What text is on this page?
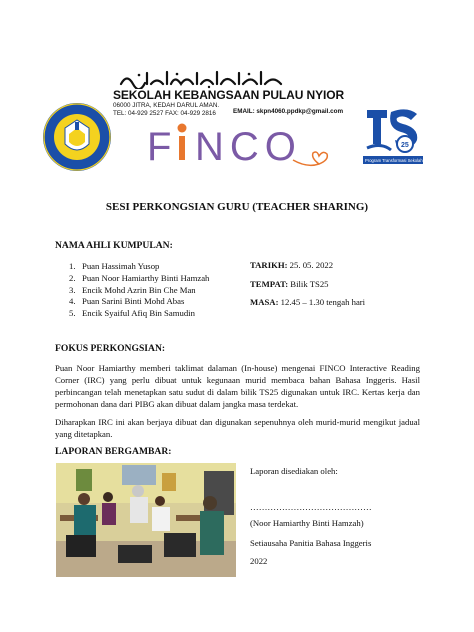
SEKOLAH KEBANGSAAN PULAU NYIOR
06000 JITRA, KEDAH DARUL AMAN.
TEL: 04-929 2527 FAX: 04-929 2816	EMAIL: skpn4060.ppdkp@gmail.com
F NCO	25
Program Transformasi Sekolah
SESI PERKONGSIAN GURU (TEACHER SHARING)
NAMA AHLI KUMPULAN:
1. Puan Hassimah Yusop
2. Puan Noor Hamiarthy Binti Hamzah
3. Encik Mohd Azrin Bin Che Man
4. Puan Sarini Binti Mohd Abas
5. Encik Syaiful Afiq Bin Samudin
TARIKH: 25. 05. 2022
TEMPAT: Bilik TS25
MASA: 12.45 – 1.30 tengah hari
FOKUS PERKONGSIAN:
Puan Noor Hamiarthy memberi taklimat dalaman (In-house) mengenai FINCO Interactive Reading Corner (IRC) yang perlu dibuat untuk kegunaan murid membaca bahan Bahasa Inggeris. Hasil perbincangan telah menetapkan satu sudut di dalam bilik TS25 digunakan untuk IRC. Kertas kerja dan permohonan dana dari PIBG akan dibuat dalam jangka masa terdekat.
Diharapkan IRC ini akan berjaya dibuat dan digunakan sepenuhnya oleh murid-murid mengikut jadual yang ditetapkan.
LAPORAN BERGAMBAR:
Laporan disediakan oleh:
……………………………………
(Noor Hamiarthy Binti Hamzah)
Setiausaha Panitia Bahasa Inggeris
2022
